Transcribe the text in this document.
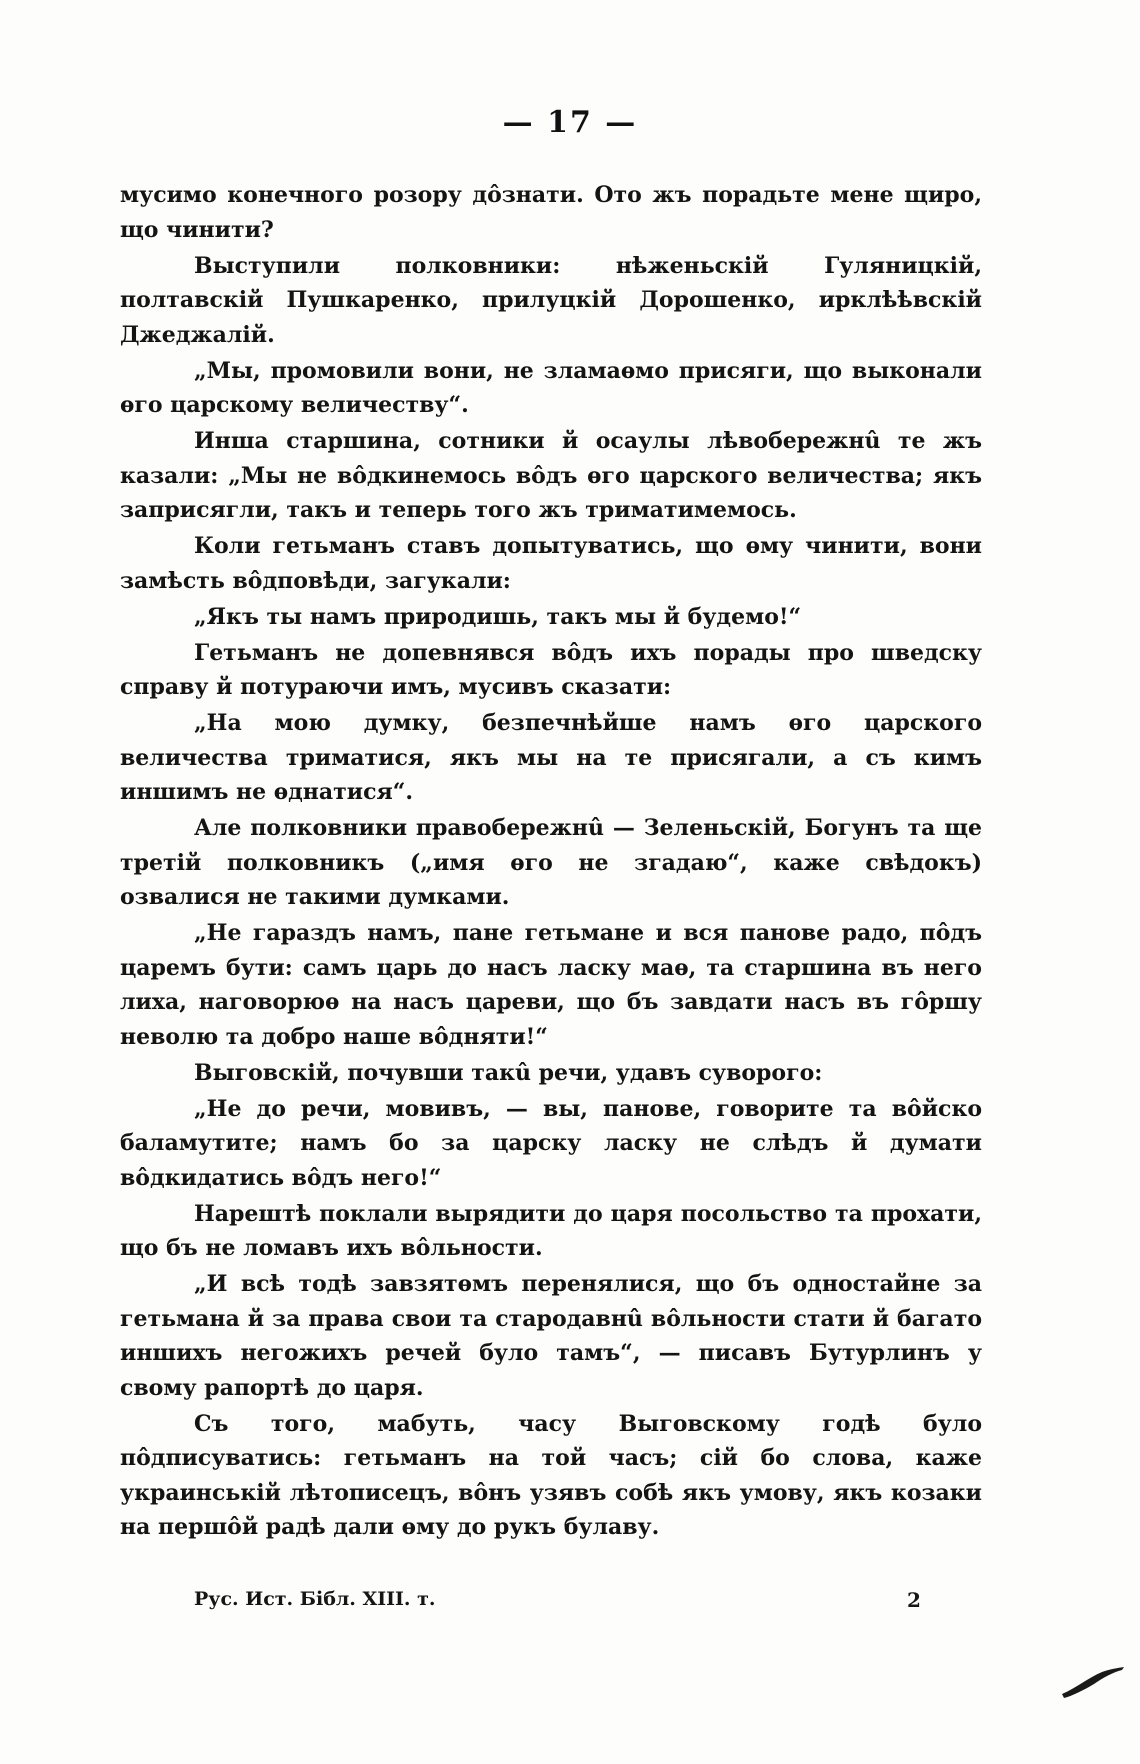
— 17 —

мусимо конечного розору дôзнати. Ото жъ порадьте мене щиро, що чинити?

Выступили полковники: нѣженьскій Гуляницкій, полтавскій Пушкаренко, прилуцкій Дорошенко, ирклѣѣвскій Джеджалій.

„Мы, промовили вони, не зламаѳмо присяги, що выконали ѳго царскому величеству“.

Инша старшина, сотники й осаулы лѣвобережнû те жъ казали: „Мы не вôдкинемось вôдъ ѳго царского величества; якъ заприсягли, такъ и теперь того жъ триматимемось.

Коли гетьманъ ставъ допытуватись, що ѳму чинити, вони замѣсть вôдповѣди, загукали:

„Якъ ты намъ природишь, такъ мы й будемо!“

Гетьманъ не допевнявся вôдъ ихъ порады про шведску справу й потураючи имъ, мусивъ сказати:

„На мою думку, безпечнѣйше намъ ѳго царского величества триматися, якъ мы на те присягали, а съ кимъ иншимъ не ѳднатися“.

Але полковники правобережнû — Зеленьскій, Богунъ та ще третій полковникъ („имя ѳго не згадаю“, каже свѣдокъ) озвалися не такими думками.

„Не гараздъ намъ, пане гетьмане и вся панове радо, пôдъ царемъ бути: самъ царь до насъ ласку маѳ, та старшина въ него лиха, наговорюѳ на насъ цареви, що бъ завдати насъ въ гôршу неволю та добро наше вôдняти!“

Выговскій, почувши такû речи, удавъ суворого:

„Не до речи, мовивъ, — вы, панове, говорите та вôйско баламутите; намъ бо за царску ласку не слѣдъ й думати вôдкидатись вôдъ него!“

Нарештѣ поклали вырядити до царя посольство та прохати, що бъ не ломавъ ихъ вôльности.

„И всѣ тодѣ завзятѳмъ перенялися, що бъ одностайне за гетьмана й за права свои та стародавнû вôльности стати й багато иншихъ негожихъ речей було тамъ“, — писавъ Бутурлинъ у свому рапортѣ до царя.

Съ того, мабуть, часу Выговскому годѣ було пôдписуватись: гетьманъ на той часъ; сій бо слова, каже украинській лѣтописецъ, вôнъ узявъ собѣ якъ умову, якъ козаки на першôй радѣ дали ѳму до рукъ булаву.

Рус. Ист. Бібл. XIII. т.	2
